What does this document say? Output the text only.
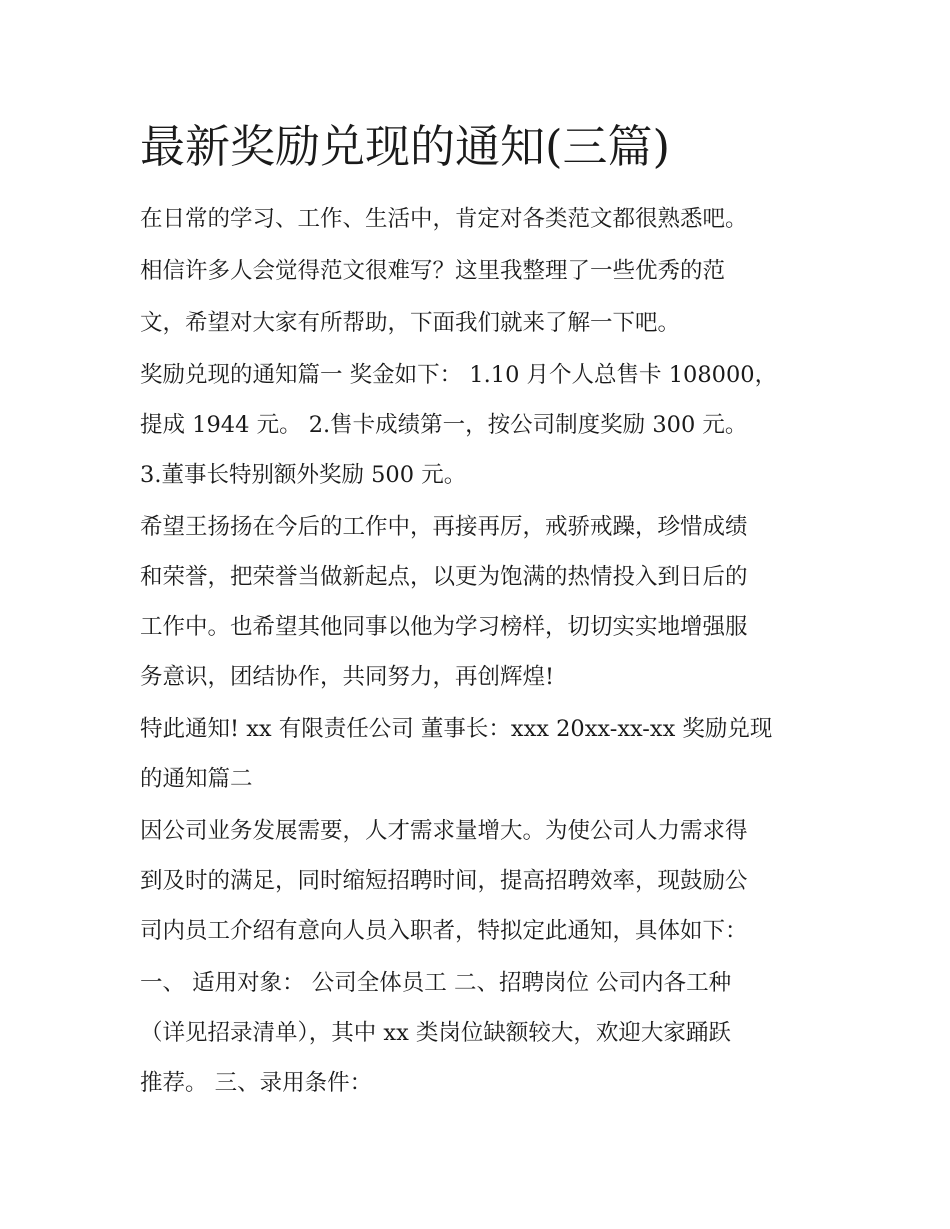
最新奖励兑现的通知(三篇)

在日常的学习、工作、生活中，肯定对各类范文都很熟悉吧。

相信许多人会觉得范文很难写？这里我整理了一些优秀的范

文，希望对大家有所帮助，下面我们就来了解一下吧。

奖励兑现的通知篇一 奖金如下： 1.10 月个人总售卡 108000，

提成 1944 元。 2.售卡成绩第一，按公司制度奖励 300 元。

3.董事长特别额外奖励 500 元。

希望王扬扬在今后的工作中，再接再厉，戒骄戒躁，珍惜成绩

和荣誉，把荣誉当做新起点，以更为饱满的热情投入到日后的

工作中。也希望其他同事以他为学习榜样，切切实实地增强服

务意识，团结协作，共同努力，再创辉煌!

特此通知! xx 有限责任公司 董事长：xxx 20xx-xx-xx 奖励兑现

的通知篇二

因公司业务发展需要，人才需求量增大。为使公司人力需求得

到及时的满足，同时缩短招聘时间，提高招聘效率，现鼓励公

司内员工介绍有意向人员入职者，特拟定此通知，具体如下：

一、 适用对象： 公司全体员工 二、招聘岗位 公司内各工种

（详见招录清单），其中 xx 类岗位缺额较大，欢迎大家踊跃

推荐。 三、录用条件：
